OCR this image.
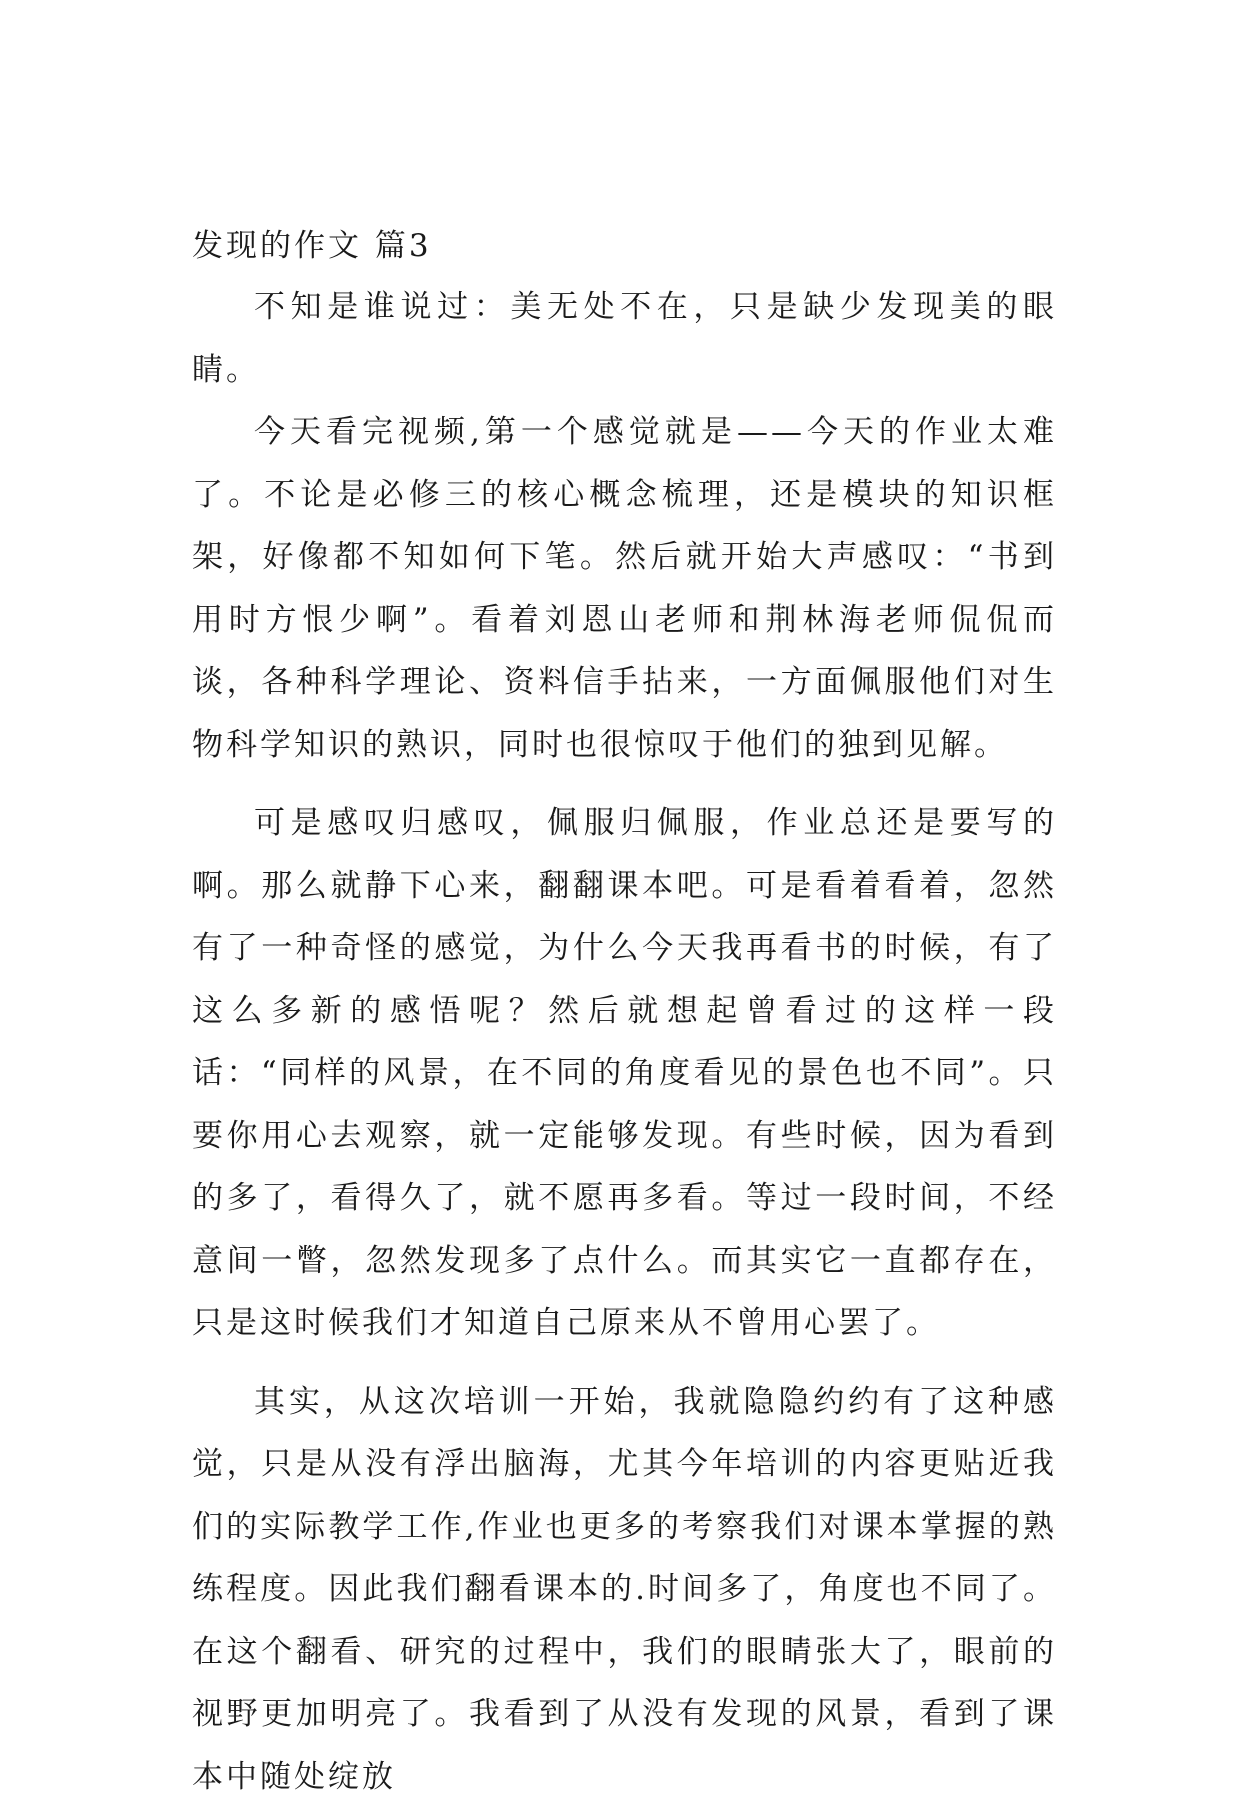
发现的作文 篇3

不知是谁说过：美无处不在，只是缺少发现美的眼睛。

今天看完视频,第一个感觉就是——今天的作业太难了。不论是必修三的核心概念梳理，还是模块的知识框架，好像都不知如何下笔。然后就开始大声感叹：“书到用时方恨少啊”。看着刘恩山老师和荆林海老师侃侃而谈，各种科学理论、资料信手拈来，一方面佩服他们对生物科学知识的熟识，同时也很惊叹于他们的独到见解。

可是感叹归感叹，佩服归佩服，作业总还是要写的啊。那么就静下心来，翻翻课本吧。可是看着看着，忽然有了一种奇怪的感觉，为什么今天我再看书的时候，有了这么多新的感悟呢？然后就想起曾看过的这样一段话：“同样的风景，在不同的角度看见的景色也不同”。只要你用心去观察，就一定能够发现。有些时候，因为看到的多了，看得久了，就不愿再多看。等过一段时间，不经意间一瞥，忽然发现多了点什么。而其实它一直都存在，只是这时候我们才知道自己原来从不曾用心罢了。

其实，从这次培训一开始，我就隐隐约约有了这种感觉，只是从没有浮出脑海，尤其今年培训的内容更贴近我们的实际教学工作,作业也更多的考察我们对课本掌握的熟练程度。因此我们翻看课本的.时间多了，角度也不同了。在这个翻看、研究的过程中，我们的眼睛张大了，眼前的视野更加明亮了。我看到了从没有发现的风景，看到了课本中随处绽放
